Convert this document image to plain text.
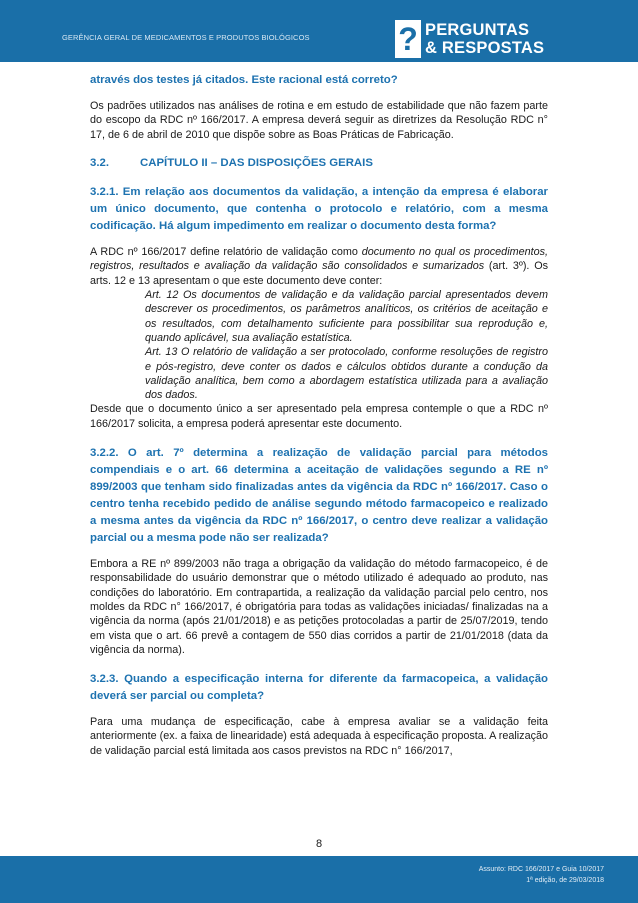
GERÊNCIA GERAL DE MEDICAMENTOS E PRODUTOS BIOLÓGICOS	? PERGUNTAS
& RESPOSTAS

através dos testes já citados. Este racional está correto?

Os padrões utilizados nas análises de rotina e em estudo de estabilidade que não fazem parte do escopo da RDC nº 166/2017. A empresa deverá seguir as diretrizes da Resolução RDC n° 17, de 6 de abril de 2010 que dispõe sobre as Boas Práticas de Fabricação.

3.2.	CAPÍTULO II – DAS DISPOSIÇÕES GERAIS

3.2.1. Em relação aos documentos da validação, a intenção da empresa é elaborar um único documento, que contenha o protocolo e relatório, com a mesma codificação. Há algum impedimento em realizar o documento desta forma?

A RDC nº 166/2017 define relatório de validação como documento no qual os procedimentos, registros, resultados e avaliação da validação são consolidados e sumarizados (art. 3º). Os arts. 12 e 13 apresentam o que este documento deve conter:

Art. 12 Os documentos de validação e da validação parcial apresentados devem descrever os procedimentos, os parâmetros analíticos, os critérios de aceitação e os resultados, com detalhamento suficiente para possibilitar sua reprodução e, quando aplicável, sua avaliação estatística.

Art. 13 O relatório de validação a ser protocolado, conforme resoluções de registro e pós-registro, deve conter os dados e cálculos obtidos durante a condução da validação analítica, bem como a abordagem estatística utilizada para a avaliação dos dados.

Desde que o documento único a ser apresentado pela empresa contemple o que a RDC nº 166/2017 solicita, a empresa poderá apresentar este documento.

3.2.2. O art. 7º determina a realização de validação parcial para métodos compendiais e o art. 66 determina a aceitação de validações segundo a RE nº 899/2003 que tenham sido finalizadas antes da vigência da RDC nº 166/2017. Caso o centro tenha recebido pedido de análise segundo método farmacopeico e realizado a mesma antes da vigência da RDC nº 166/2017, o centro deve realizar a validação parcial ou a mesma pode não ser realizada?

Embora a RE nº 899/2003 não traga a obrigação da validação do método farmacopeico, é de responsabilidade do usuário demonstrar que o método utilizado é adequado ao produto, nas condições do laboratório. Em contrapartida, a realização da validação parcial pelo centro, nos moldes da RDC n° 166/2017, é obrigatória para todas as validações iniciadas/ finalizadas na a vigência da norma (após 21/01/2018) e as petições protocoladas a partir de 25/07/2019, tendo em vista que o art. 66 prevê a contagem de 550 dias corridos a partir de 21/01/2018 (data da vigência da norma).

3.2.3. Quando a especificação interna for diferente da farmacopeica, a validação deverá ser parcial ou completa?

Para uma mudança de especificação, cabe à empresa avaliar se a validação feita anteriormente (ex. a faixa de linearidade) está adequada à especificação proposta. A realização de validação parcial está limitada aos casos previstos na RDC n° 166/2017,

8
Assunto: RDC 166/2017 e Guia 10/2017
1ª edição, de 29/03/2018
